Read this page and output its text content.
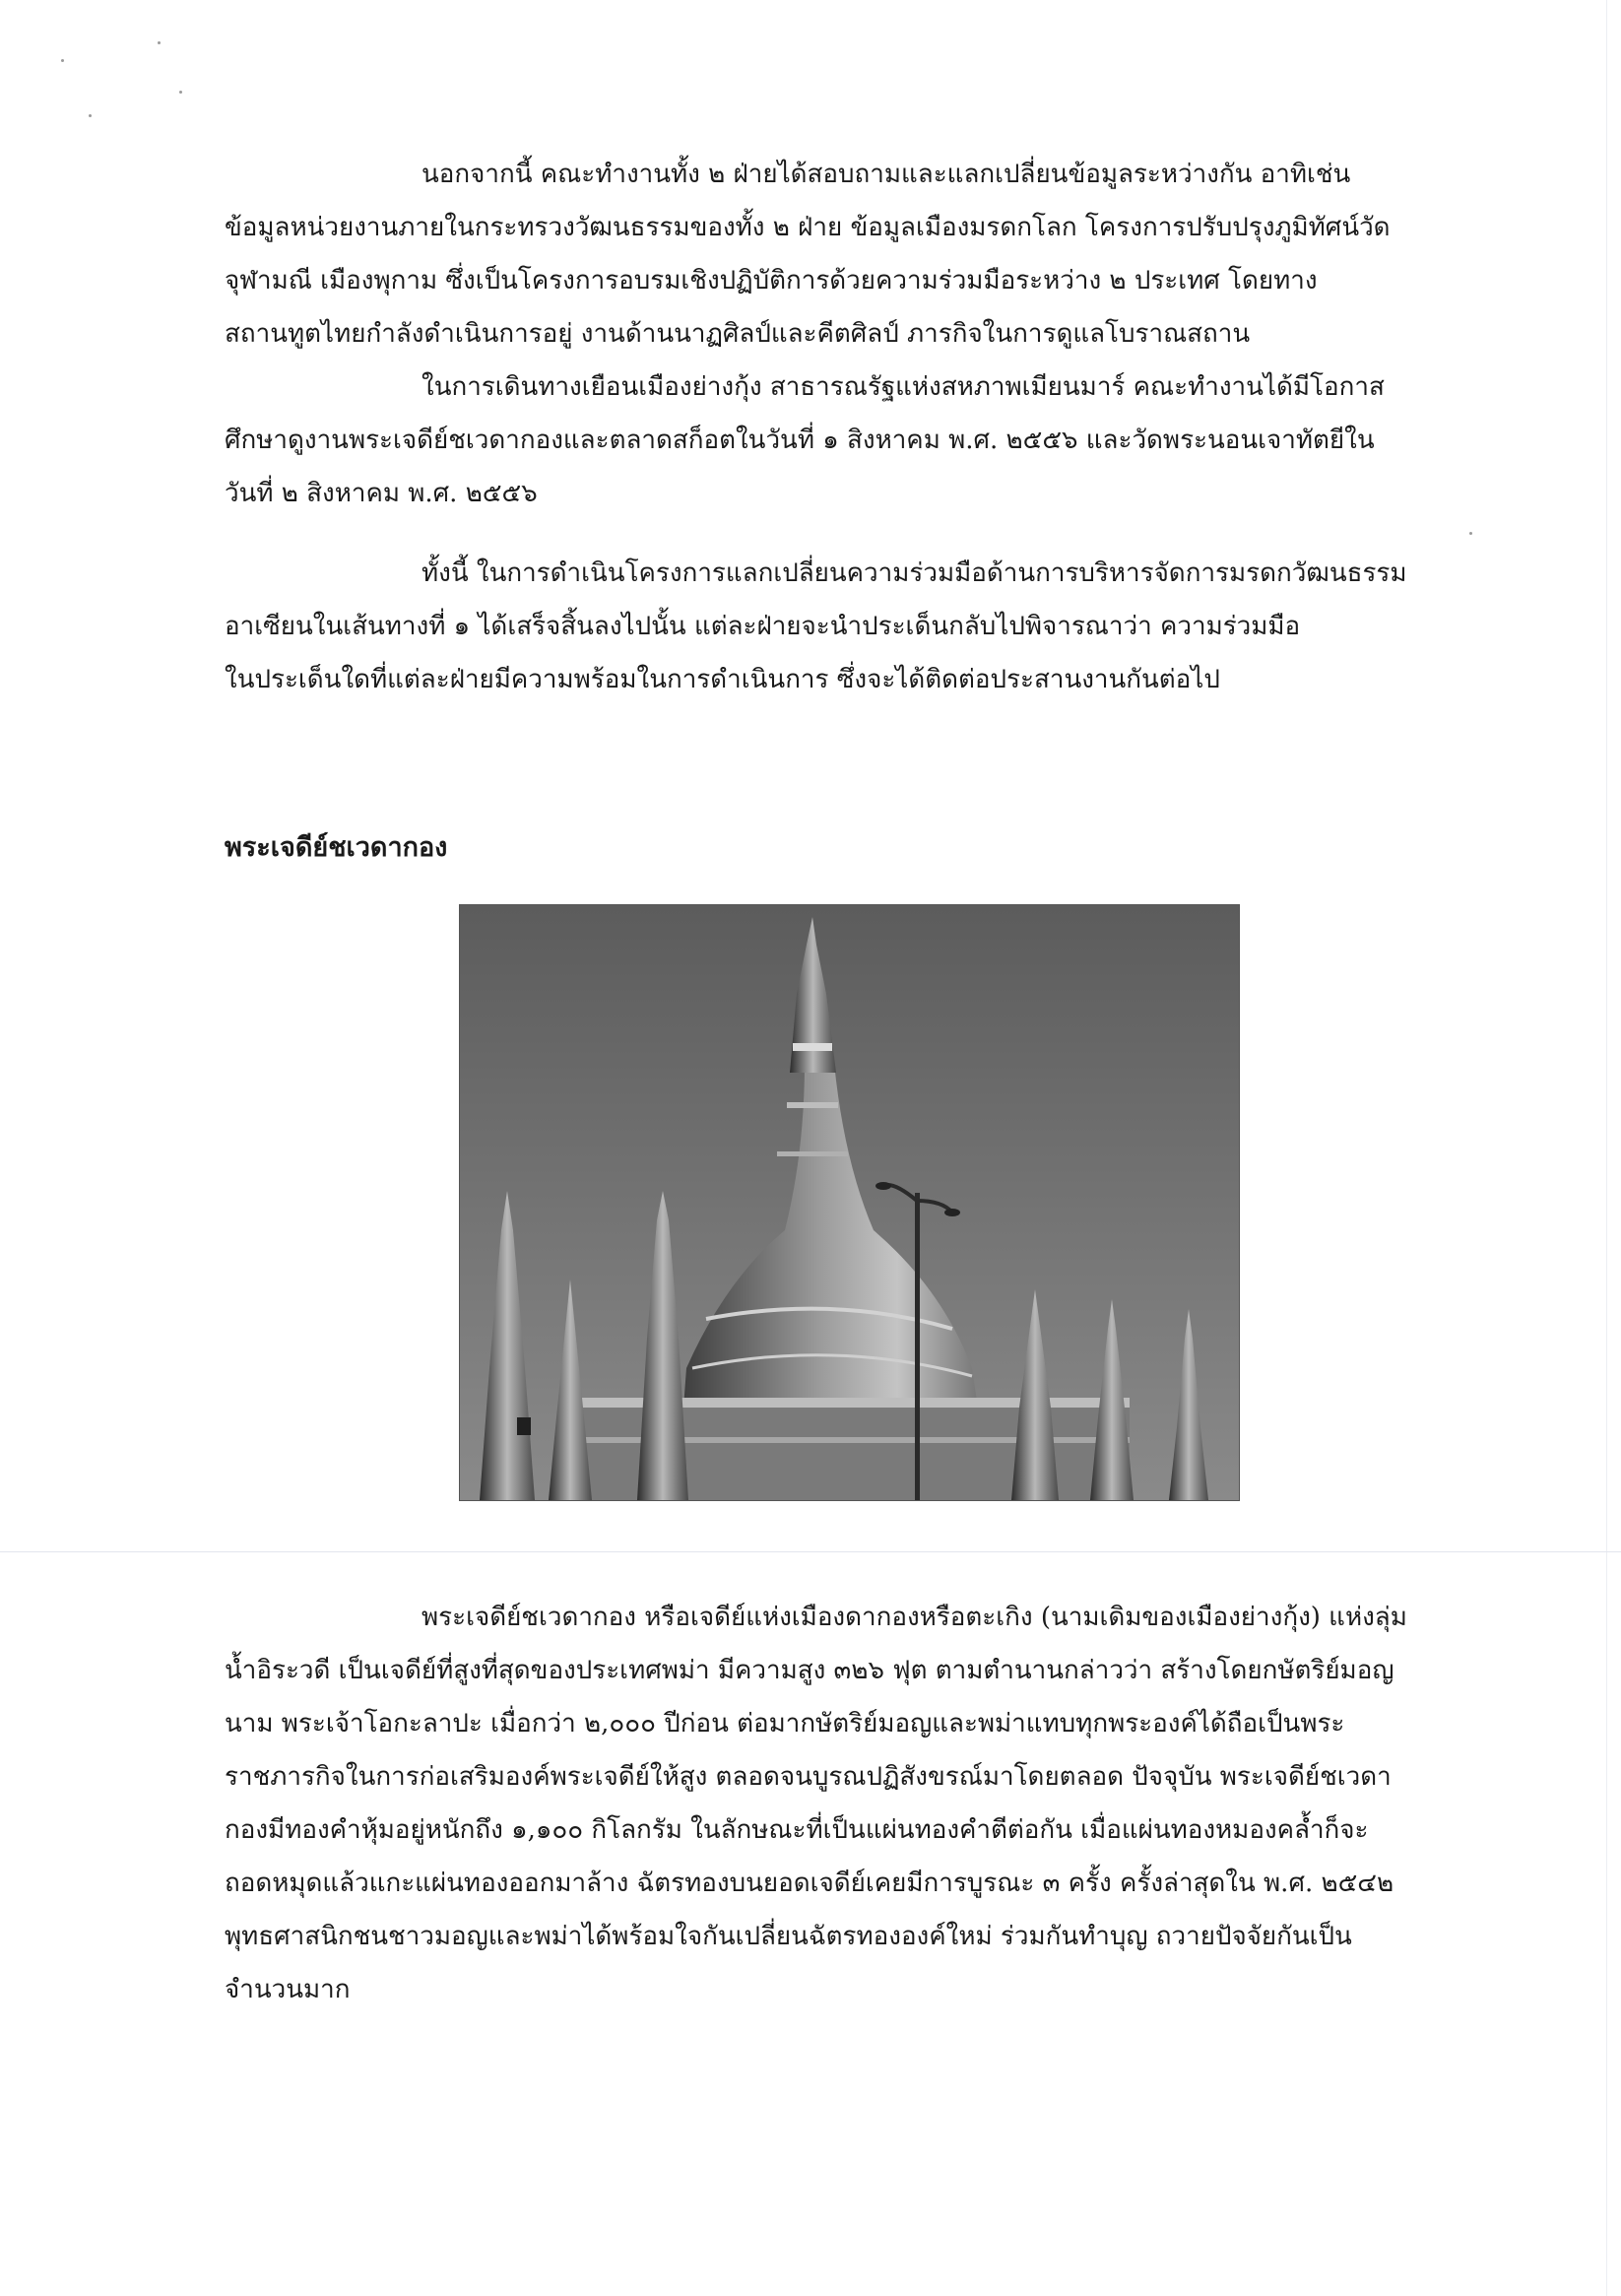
นอกจากนี้ คณะทำงานทั้ง ๒ ฝ่ายได้สอบถามและแลกเปลี่ยนข้อมูลระหว่างกัน อาทิเช่น
ข้อมูลหน่วยงานภายในกระทรวงวัฒนธรรมของทั้ง ๒ ฝ่าย ข้อมูลเมืองมรดกโลก โครงการปรับปรุงภูมิทัศน์วัด
จุฬามณี เมืองพุกาม ซึ่งเป็นโครงการอบรมเชิงปฏิบัติการด้วยความร่วมมือระหว่าง ๒ ประเทศ โดยทาง
สถานทูตไทยกำลังดำเนินการอยู่ งานด้านนาฏศิลป์และคีตศิลป์ ภารกิจในการดูแลโบราณสถาน
ในการเดินทางเยือนเมืองย่างกุ้ง สาธารณรัฐแห่งสหภาพเมียนมาร์ คณะทำงานได้มีโอกาส
ศึกษาดูงานพระเจดีย์ชเวดากองและตลาดสก็อตในวันที่ ๑ สิงหาคม พ.ศ. ๒๕๕๖ และวัดพระนอนเจาทัตยีใน
วันที่ ๒ สิงหาคม พ.ศ. ๒๕๕๖
ทั้งนี้ ในการดำเนินโครงการแลกเปลี่ยนความร่วมมือด้านการบริหารจัดการมรดกวัฒนธรรม
อาเซียนในเส้นทางที่ ๑ ได้เสร็จสิ้นลงไปนั้น แต่ละฝ่ายจะนำประเด็นกลับไปพิจารณาว่า ความร่วมมือ
ในประเด็นใดที่แต่ละฝ่ายมีความพร้อมในการดำเนินการ ซึ่งจะได้ติดต่อประสานงานกันต่อไป
พระเจดีย์ชเวดากอง
พระเจดีย์ชเวดากอง หรือเจดีย์แห่งเมืองดากองหรือตะเกิง (นามเดิมของเมืองย่างกุ้ง) แห่งลุ่ม
น้ำอิระวดี เป็นเจดีย์ที่สูงที่สุดของประเทศพม่า มีความสูง ๓๒๖ ฟุต ตามตำนานกล่าวว่า สร้างโดยกษัตริย์มอญ
นาม พระเจ้าโอกะลาปะ เมื่อกว่า ๒,๐๐๐ ปีก่อน ต่อมากษัตริย์มอญและพม่าแทบทุกพระองค์ได้ถือเป็นพระ
ราชภารกิจในการก่อเสริมองค์พระเจดีย์ให้สูง ตลอดจนบูรณปฏิสังขรณ์มาโดยตลอด ปัจจุบัน พระเจดีย์ชเวดา
กองมีทองคำหุ้มอยู่หนักถึง ๑,๑๐๐ กิโลกรัม ในลักษณะที่เป็นแผ่นทองคำตีต่อกัน เมื่อแผ่นทองหมองคล้ำก็จะ
ถอดหมุดแล้วแกะแผ่นทองออกมาล้าง ฉัตรทองบนยอดเจดีย์เคยมีการบูรณะ ๓ ครั้ง ครั้งล่าสุดใน พ.ศ. ๒๕๔๒
พุทธศาสนิกชนชาวมอญและพม่าได้พร้อมใจกันเปลี่ยนฉัตรทององค์ใหม่ ร่วมกันทำบุญ ถวายปัจจัยกันเป็น
จำนวนมาก
